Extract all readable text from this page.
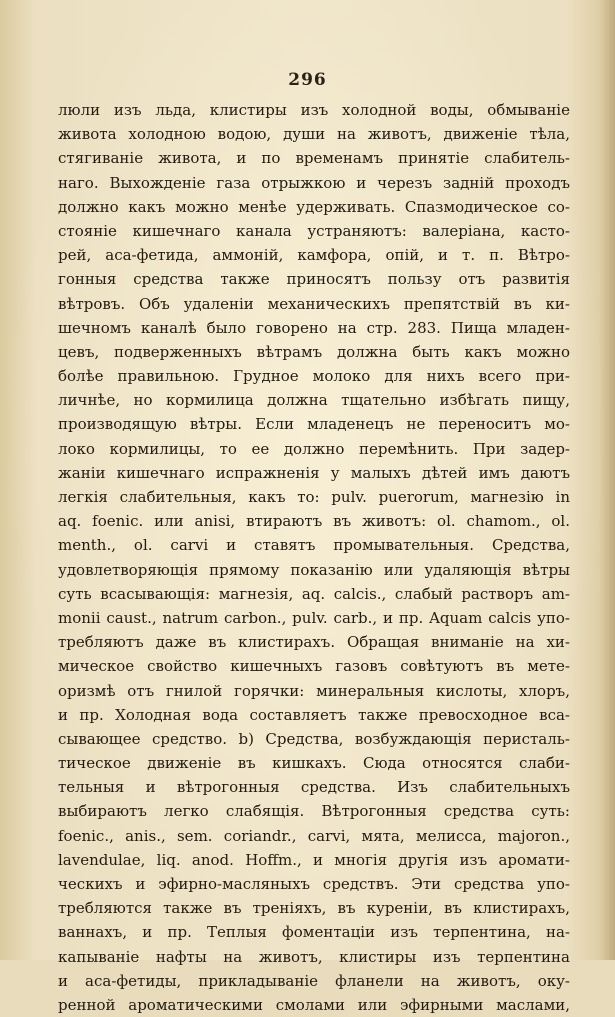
296
люли изъ льда, клистиры изъ холодной воды, обмываніе
живота холодною водою, души на животъ, движеніе тѣла,
стягиваніе живота, и по временамъ принятіе слабитель-
наго. Выхожденіе газа отрыжкою и черезъ задній проходъ
должно какъ можно менѣе удерживать. Спазмодическое со-
стояніе кишечнаго канала устраняютъ: валеріана, касто-
рей, аса-фетида, аммоній, камфора, опій, и т. п. Вѣтро-
гонныя средства также приносятъ пользу отъ развитія
вѣтровъ. Объ удаленіи механическихъ препятствій въ ки-
шечномъ каналѣ было говорено на стр. 283. Пища младен-
цевъ, подверженныхъ вѣтрамъ должна быть какъ можно
болѣе правильною. Грудное молоко для нихъ всего при-
личнѣе, но кормилица должна тщательно избѣгать пищу,
производящую вѣтры. Если младенецъ не переноситъ мо-
локо кормилицы, то ее должно перемѣнить. При задер-
жаніи кишечнаго испражненія у малыхъ дѣтей имъ даютъ
легкія слабительныя, какъ то: pulv. puerorum, магнезію in
aq. foenic. или anisi, втираютъ въ животъ: ol. chamom., ol.
menth., ol. carvi и ставятъ промывательныя. Средства,
удовлетворяющія прямому показанію или удаляющія вѣтры
суть всасывающія: магнезія, aq. calcis., слабый растворъ am-
monii caust., natrum carbon., pulv. carb., и пр. Aquam calcis упо-
требляютъ даже въ клистирахъ. Обращая вниманіе на хи-
мическое свойство кишечныхъ газовъ совѣтуютъ въ мете-
оризмѣ отъ гнилой горячки: минеральныя кислоты, хлоръ,
и пр. Холодная вода составляетъ также превосходное вса-
сывающее средство. b) Средства, возбуждающія перисталь-
тическое движеніе въ кишкахъ. Сюда относятся слаби-
тельныя и вѣтрогонныя средства. Изъ слабительныхъ
выбираютъ легко слабящія. Вѣтрогонныя средства суть:
foenic., anis., sem. coriandr., carvi, мята, мелисса, majoron.,
lavendulae, liq. anod. Hoffm., и многія другія изъ аромати-
ческихъ и эфирно-масляныхъ средствъ. Эти средства упо-
требляются также въ треніяхъ, въ куреніи, въ клистирахъ,
ваннахъ, и пр. Теплыя фоментаціи изъ терпентина, на-
капываніе нафты на животъ, клистиры изъ терпентина
и аса-фетиды, прикладываніе фланели на животъ, оку-
ренной ароматическими смолами или эфирными маслами,
